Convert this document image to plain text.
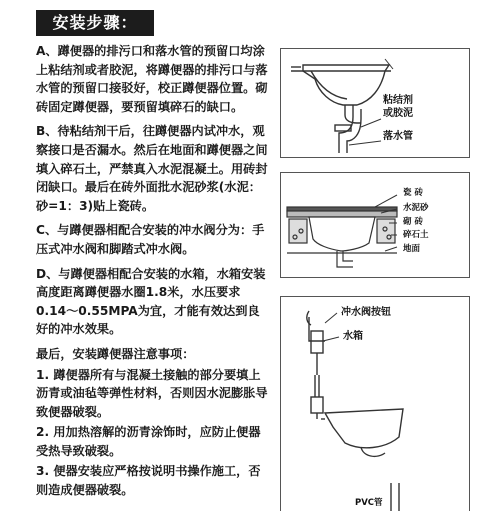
安装步骤：

A、蹲便器的排污口和落水管的预留口均涂上粘结剂或者胶泥，将蹲便器的排污口与落水管的预留口接驳好，校正蹲便器位置。砌砖固定蹲便器，要预留填碎石的缺口。

B、待粘结剂干后，往蹲便器内试冲水，观察接口是否漏水。然后在地面和蹲便器之间填入碎石土，严禁真入水泥混凝土。用砖封闭缺口。最后在砖外面批水泥砂浆(水泥：砂=1：3)贴上瓷砖。

C、与蹲便器相配合安装的冲水阀分为：手压式冲水阀和脚踏式冲水阀。

D、与蹲便器相配合安装的水箱，水箱安装高度距离蹲便器水圈1.8米，水压要求0.14～0.55MPA为宜，才能有效达到良好的冲水效果。

最后，安装蹲便器注意事项：

1. 蹲便器所有与混凝土接触的部分要填上沥青或油毡等弹性材料，否则因水泥膨胀导致便器破裂。

2. 用加热溶解的沥青涂饰时，应防止便器受热导致破裂。

3. 便器安装应严格按说明书操作施工，否则造成便器破裂。

粘结剂
或胶泥
落水管
瓷 砖
水泥砂
砌 砖
碎石土
地面
冲水阀按钮
水箱
PVC管
